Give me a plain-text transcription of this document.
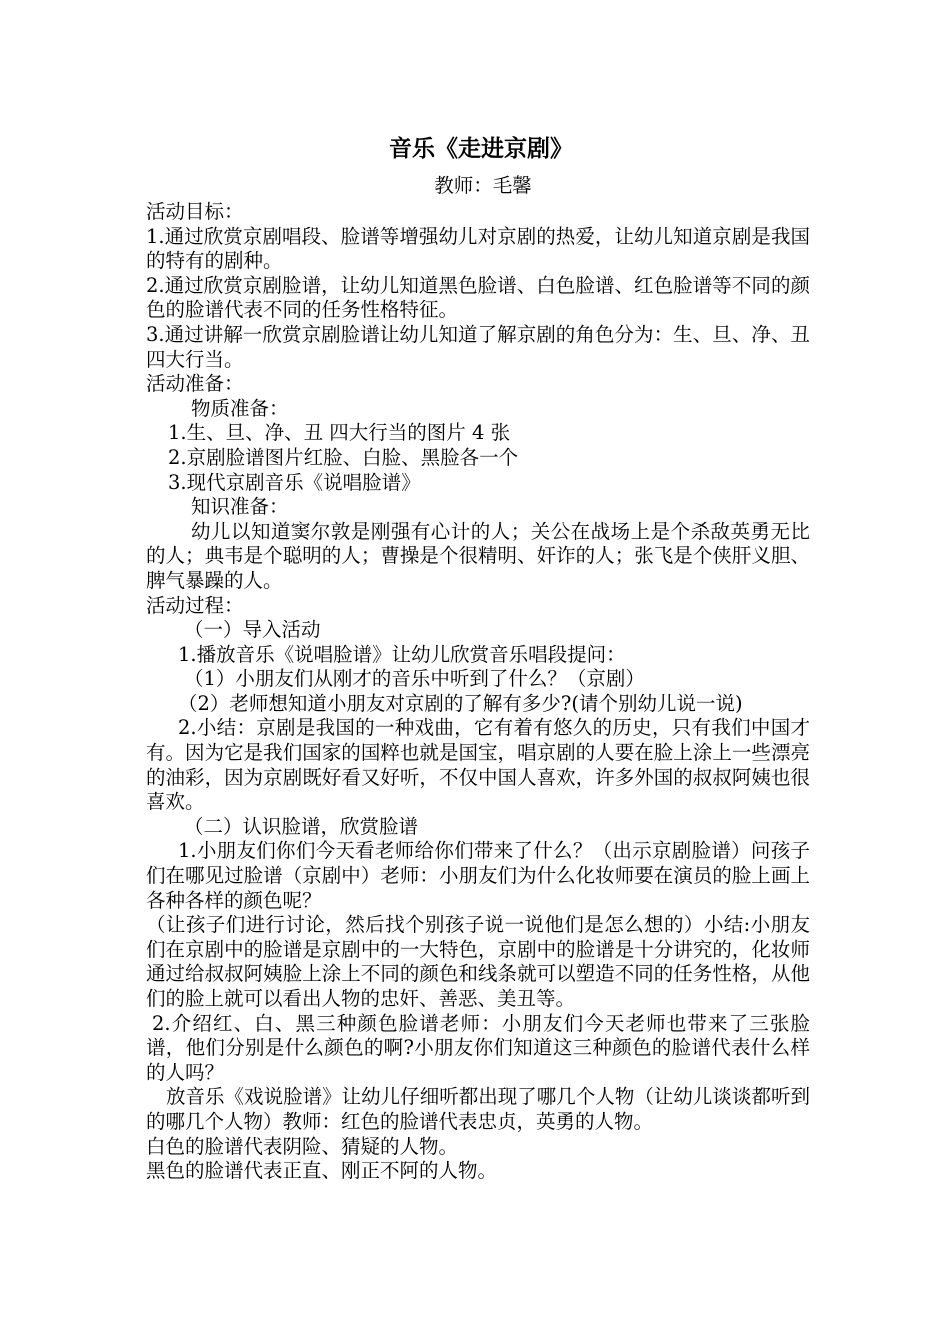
音乐《走进京剧》
教师：毛馨

活动目标：

1.通过欣赏京剧唱段、脸谱等增强幼儿对京剧的热爱，让幼儿知道京剧是我国的特有的剧种。

2.通过欣赏京剧脸谱，让幼儿知道黑色脸谱、白色脸谱、红色脸谱等不同的颜色的脸谱代表不同的任务性格特征。

3.通过讲解一欣赏京剧脸谱让幼儿知道了解京剧的角色分为：生、旦、净、丑四大行当。

活动准备：

物质准备：

1.生、旦、净、丑 四大行当的图片 4 张

2.京剧脸谱图片红脸、白脸、黑脸各一个

3.现代京剧音乐《说唱脸谱》

知识准备：

幼儿以知道窦尔敦是刚强有心计的人；关公在战场上是个杀敌英勇无比的人；典韦是个聪明的人；曹操是个很精明、奸诈的人；张飞是个侠肝义胆、脾气暴躁的人。

活动过程：

（一）导入活动

1.播放音乐《说唱脸谱》让幼儿欣赏音乐唱段提问：

（1）小朋友们从刚才的音乐中听到了什么？（京剧）

（2）老师想知道小朋友对京剧的了解有多少?(请个别幼儿说一说)

2.小结：京剧是我国的一种戏曲，它有着有悠久的历史，只有我们中国才有。因为它是我们国家的国粹也就是国宝，唱京剧的人要在脸上涂上一些漂亮的油彩，因为京剧既好看又好听，不仅中国人喜欢，许多外国的叔叔阿姨也很喜欢。

（二）认识脸谱，欣赏脸谱

1.小朋友们你们今天看老师给你们带来了什么？（出示京剧脸谱）问孩子们在哪见过脸谱（京剧中）老师：小朋友们为什么化妆师要在演员的脸上画上各种各样的颜色呢？

（让孩子们进行讨论，然后找个别孩子说一说他们是怎么想的）小结:小朋友们在京剧中的脸谱是京剧中的一大特色，京剧中的脸谱是十分讲究的，化妆师通过给叔叔阿姨脸上涂上不同的颜色和线条就可以塑造不同的任务性格，从他们的脸上就可以看出人物的忠奸、善恶、美丑等。

2.介绍红、白、黑三种颜色脸谱老师：小朋友们今天老师也带来了三张脸谱，他们分别是什么颜色的啊?小朋友你们知道这三种颜色的脸谱代表什么样的人吗？

放音乐《戏说脸谱》让幼儿仔细听都出现了哪几个人物（让幼儿谈谈都听到的哪几个人物）教师：红色的脸谱代表忠贞，英勇的人物。

白色的脸谱代表阴险、猜疑的人物。

黑色的脸谱代表正直、刚正不阿的人物。
